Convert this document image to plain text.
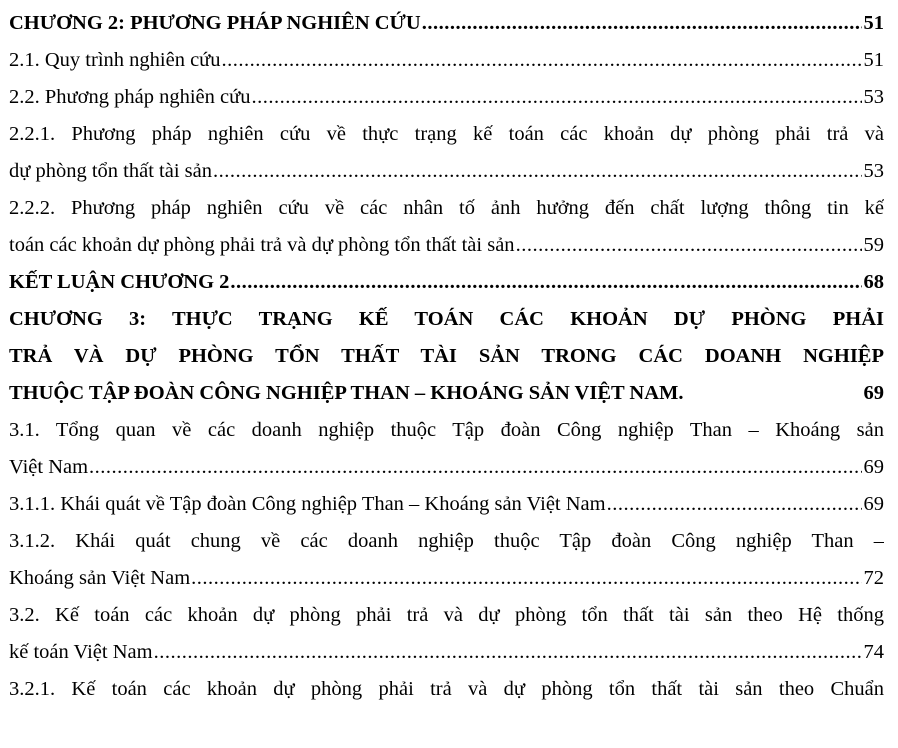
CHƯƠNG 2: PHƯƠNG PHÁP NGHIÊN CỨU .....	51
2.1. Quy trình nghiên cứu .....	51
2.2. Phương pháp nghiên cứu .....	53
2.2.1. Phương pháp nghiên cứu về thực trạng kế toán các khoản dự phòng phải trả và
dự phòng tổn thất tài sản .....	53
2.2.2. Phương pháp nghiên cứu về các nhân tố ảnh hưởng đến chất lượng thông tin kế
toán các khoản dự phòng phải trả và dự phòng tổn thất tài sản .....	59
KẾT LUẬN CHƯƠNG 2 .....	68
CHƯƠNG 3: THỰC TRẠNG KẾ TOÁN CÁC KHOẢN DỰ PHÒNG PHẢI
TRẢ VÀ DỰ PHÒNG TỔN THẤT TÀI SẢN TRONG CÁC DOANH NGHIỆP
THUỘC TẬP ĐOÀN CÔNG NGHIỆP THAN – KHOÁNG SẢN VIỆT NAM.	69
3.1. Tổng quan về các doanh nghiệp thuộc Tập đoàn Công nghiệp Than – Khoáng sản
Việt Nam .....	69
3.1.1. Khái quát về Tập đoàn Công nghiệp Than – Khoáng sản Việt Nam .....	69
3.1.2. Khái quát chung về các doanh nghiệp thuộc Tập đoàn Công nghiệp Than –
Khoáng sản Việt Nam .....	72
3.2. Kế toán các khoản dự phòng phải trả và dự phòng tổn thất tài sản theo Hệ thống
kế toán Việt Nam .....	74
3.2.1. Kế toán các khoản dự phòng phải trả và dự phòng tổn thất tài sản theo Chuẩn
